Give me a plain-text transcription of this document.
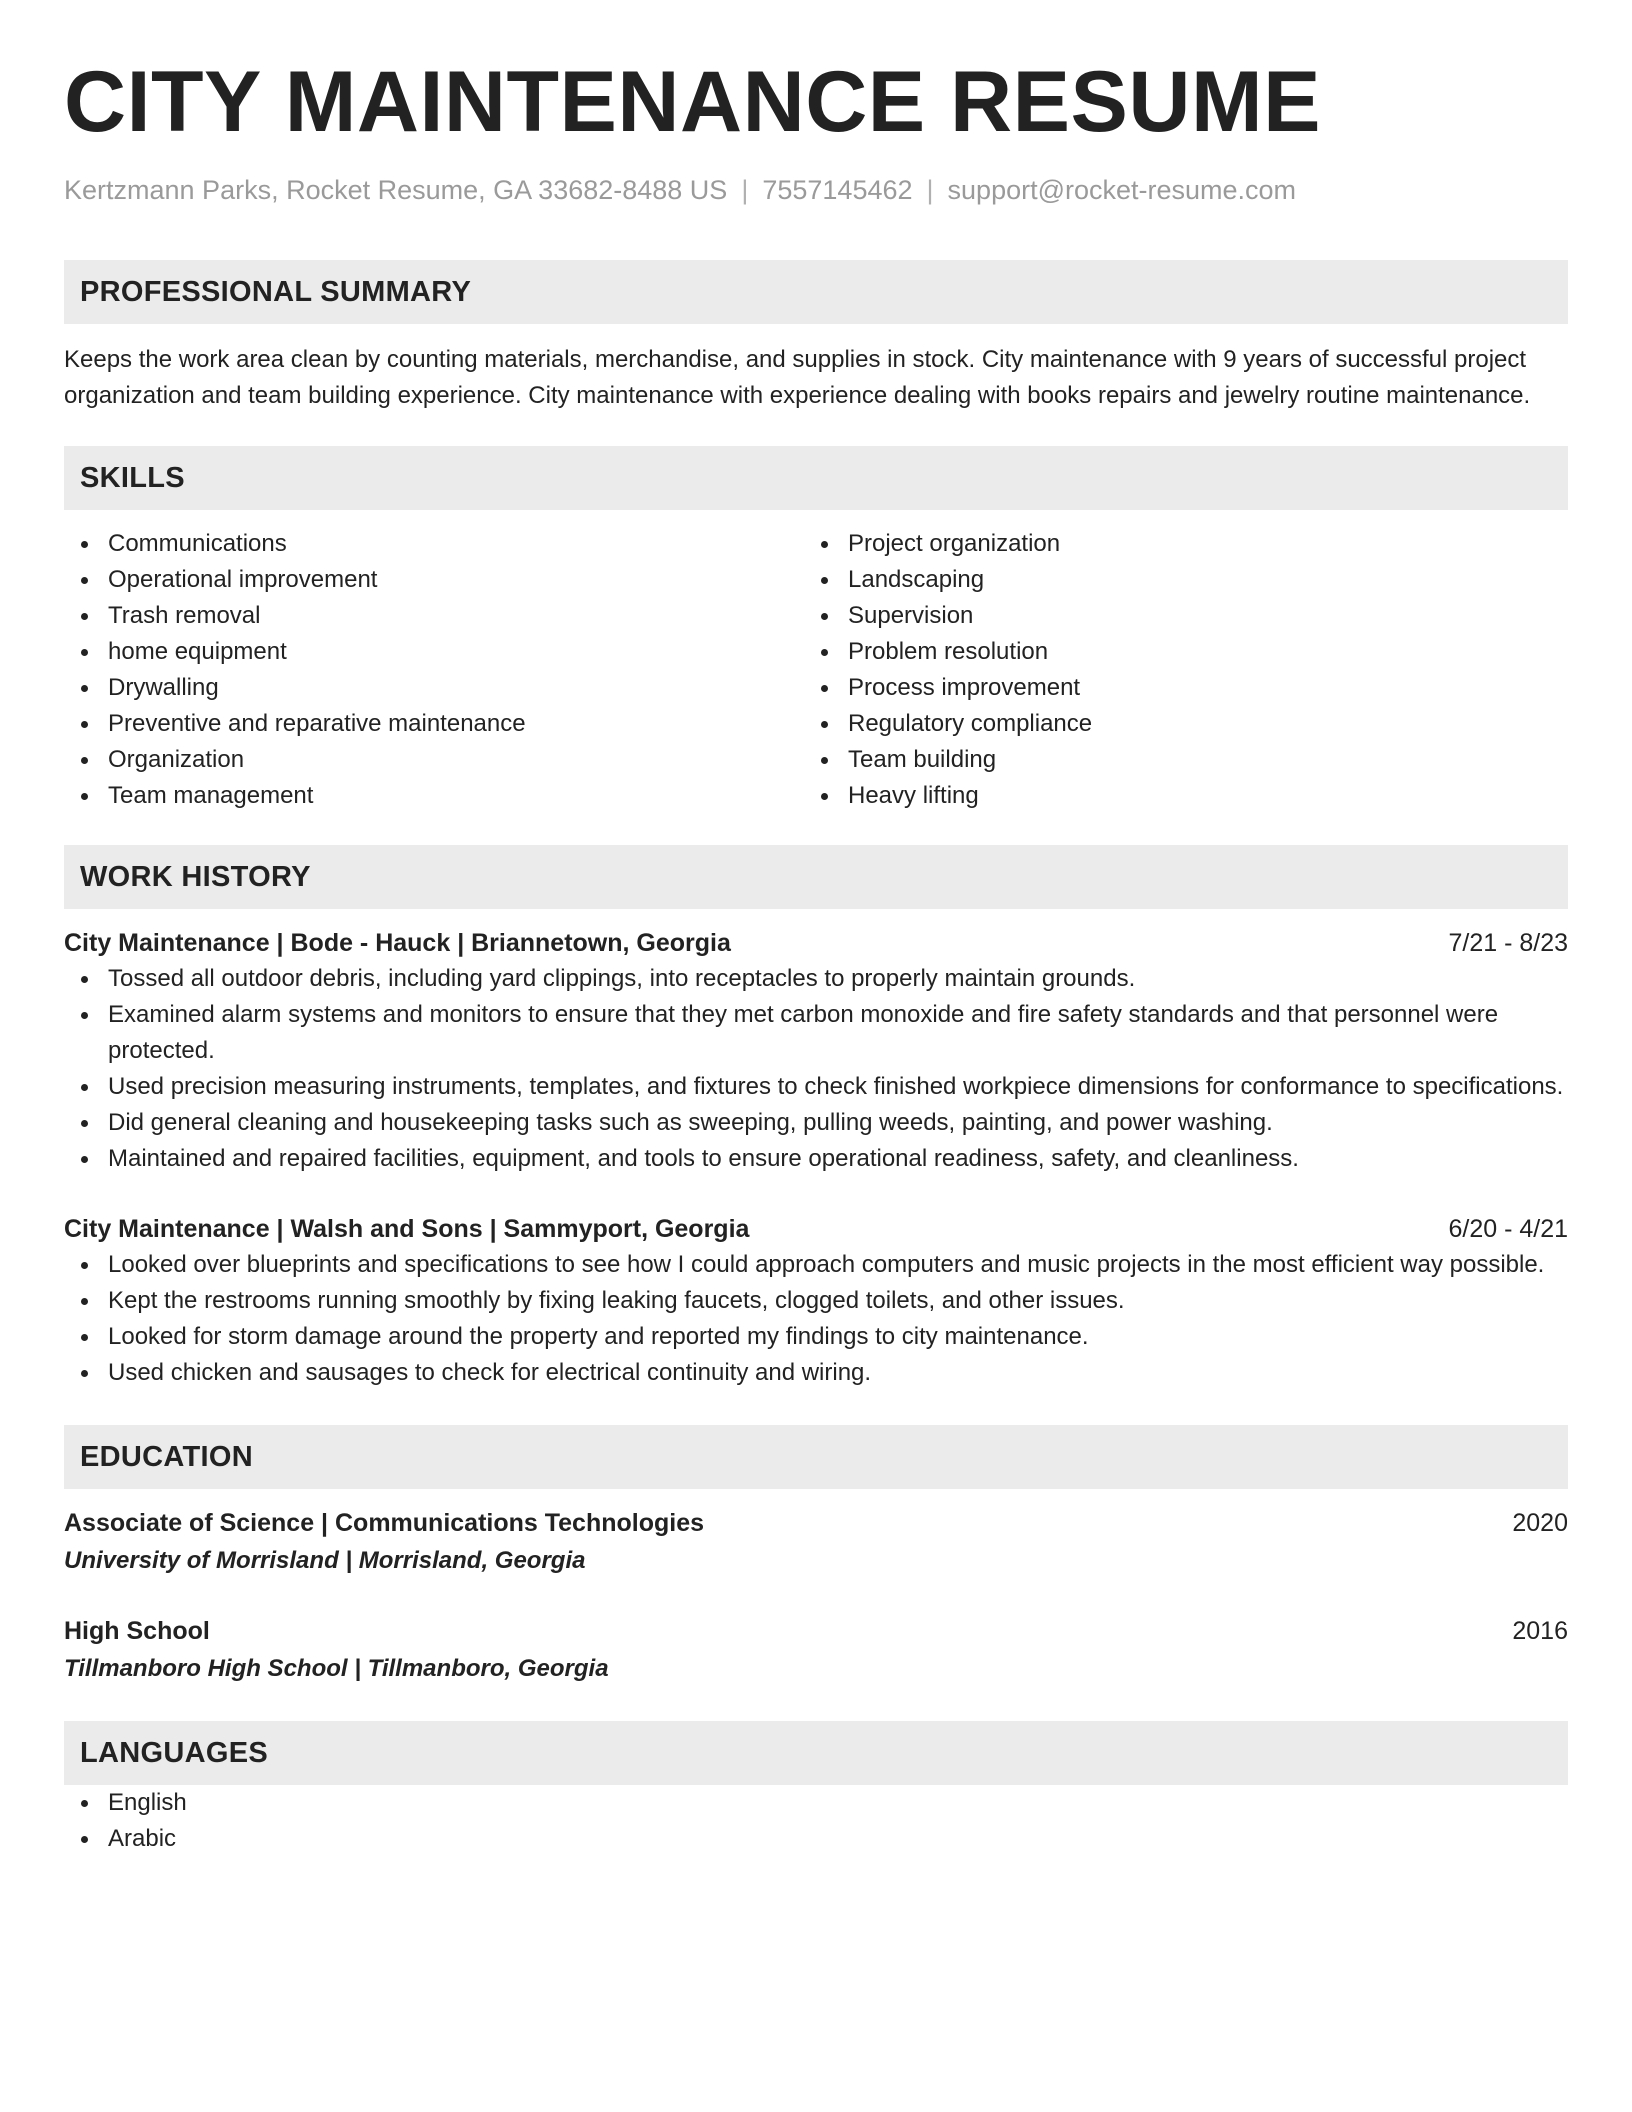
CITY MAINTENANCE RESUME
Kertzmann Parks, Rocket Resume, GA 33682-8488 US | 7557145462 | support@rocket-resume.com
PROFESSIONAL SUMMARY
Keeps the work area clean by counting materials, merchandise, and supplies in stock. City maintenance with 9 years of successful project organization and team building experience. City maintenance with experience dealing with books repairs and jewelry routine maintenance.
SKILLS
Communications
Operational improvement
Trash removal
home equipment
Drywalling
Preventive and reparative maintenance
Organization
Team management
Project organization
Landscaping
Supervision
Problem resolution
Process improvement
Regulatory compliance
Team building
Heavy lifting
WORK HISTORY
City Maintenance | Bode - Hauck | Briannetown, Georgia	7/21 - 8/23
Tossed all outdoor debris, including yard clippings, into receptacles to properly maintain grounds.
Examined alarm systems and monitors to ensure that they met carbon monoxide and fire safety standards and that personnel were protected.
Used precision measuring instruments, templates, and fixtures to check finished workpiece dimensions for conformance to specifications.
Did general cleaning and housekeeping tasks such as sweeping, pulling weeds, painting, and power washing.
Maintained and repaired facilities, equipment, and tools to ensure operational readiness, safety, and cleanliness.
City Maintenance | Walsh and Sons | Sammyport, Georgia	6/20 - 4/21
Looked over blueprints and specifications to see how I could approach computers and music projects in the most efficient way possible.
Kept the restrooms running smoothly by fixing leaking faucets, clogged toilets, and other issues.
Looked for storm damage around the property and reported my findings to city maintenance.
Used chicken and sausages to check for electrical continuity and wiring.
EDUCATION
Associate of Science | Communications Technologies	2020
University of Morrisland | Morrisland, Georgia
High School	2016
Tillmanboro High School | Tillmanboro, Georgia
LANGUAGES
English
Arabic
